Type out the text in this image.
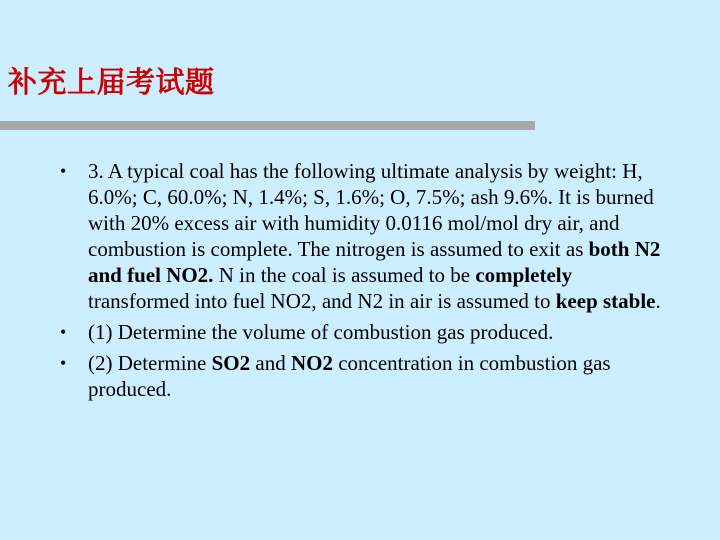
补充上届考试题
• 3. A typical coal has the following ultimate analysis by weight: H, 6.0%; C, 60.0%; N, 1.4%; S, 1.6%; O, 7.5%; ash 9.6%. It is burned with 20% excess air with humidity 0.0116 mol/mol dry air, and combustion is complete. The nitrogen is assumed to exit as both N2 and fuel NO2. N in the coal is assumed to be completely transformed into fuel NO2, and N2 in air is assumed to keep stable.
• (1) Determine the volume of combustion gas produced.
• (2) Determine SO2 and NO2 concentration in combustion gas produced.
